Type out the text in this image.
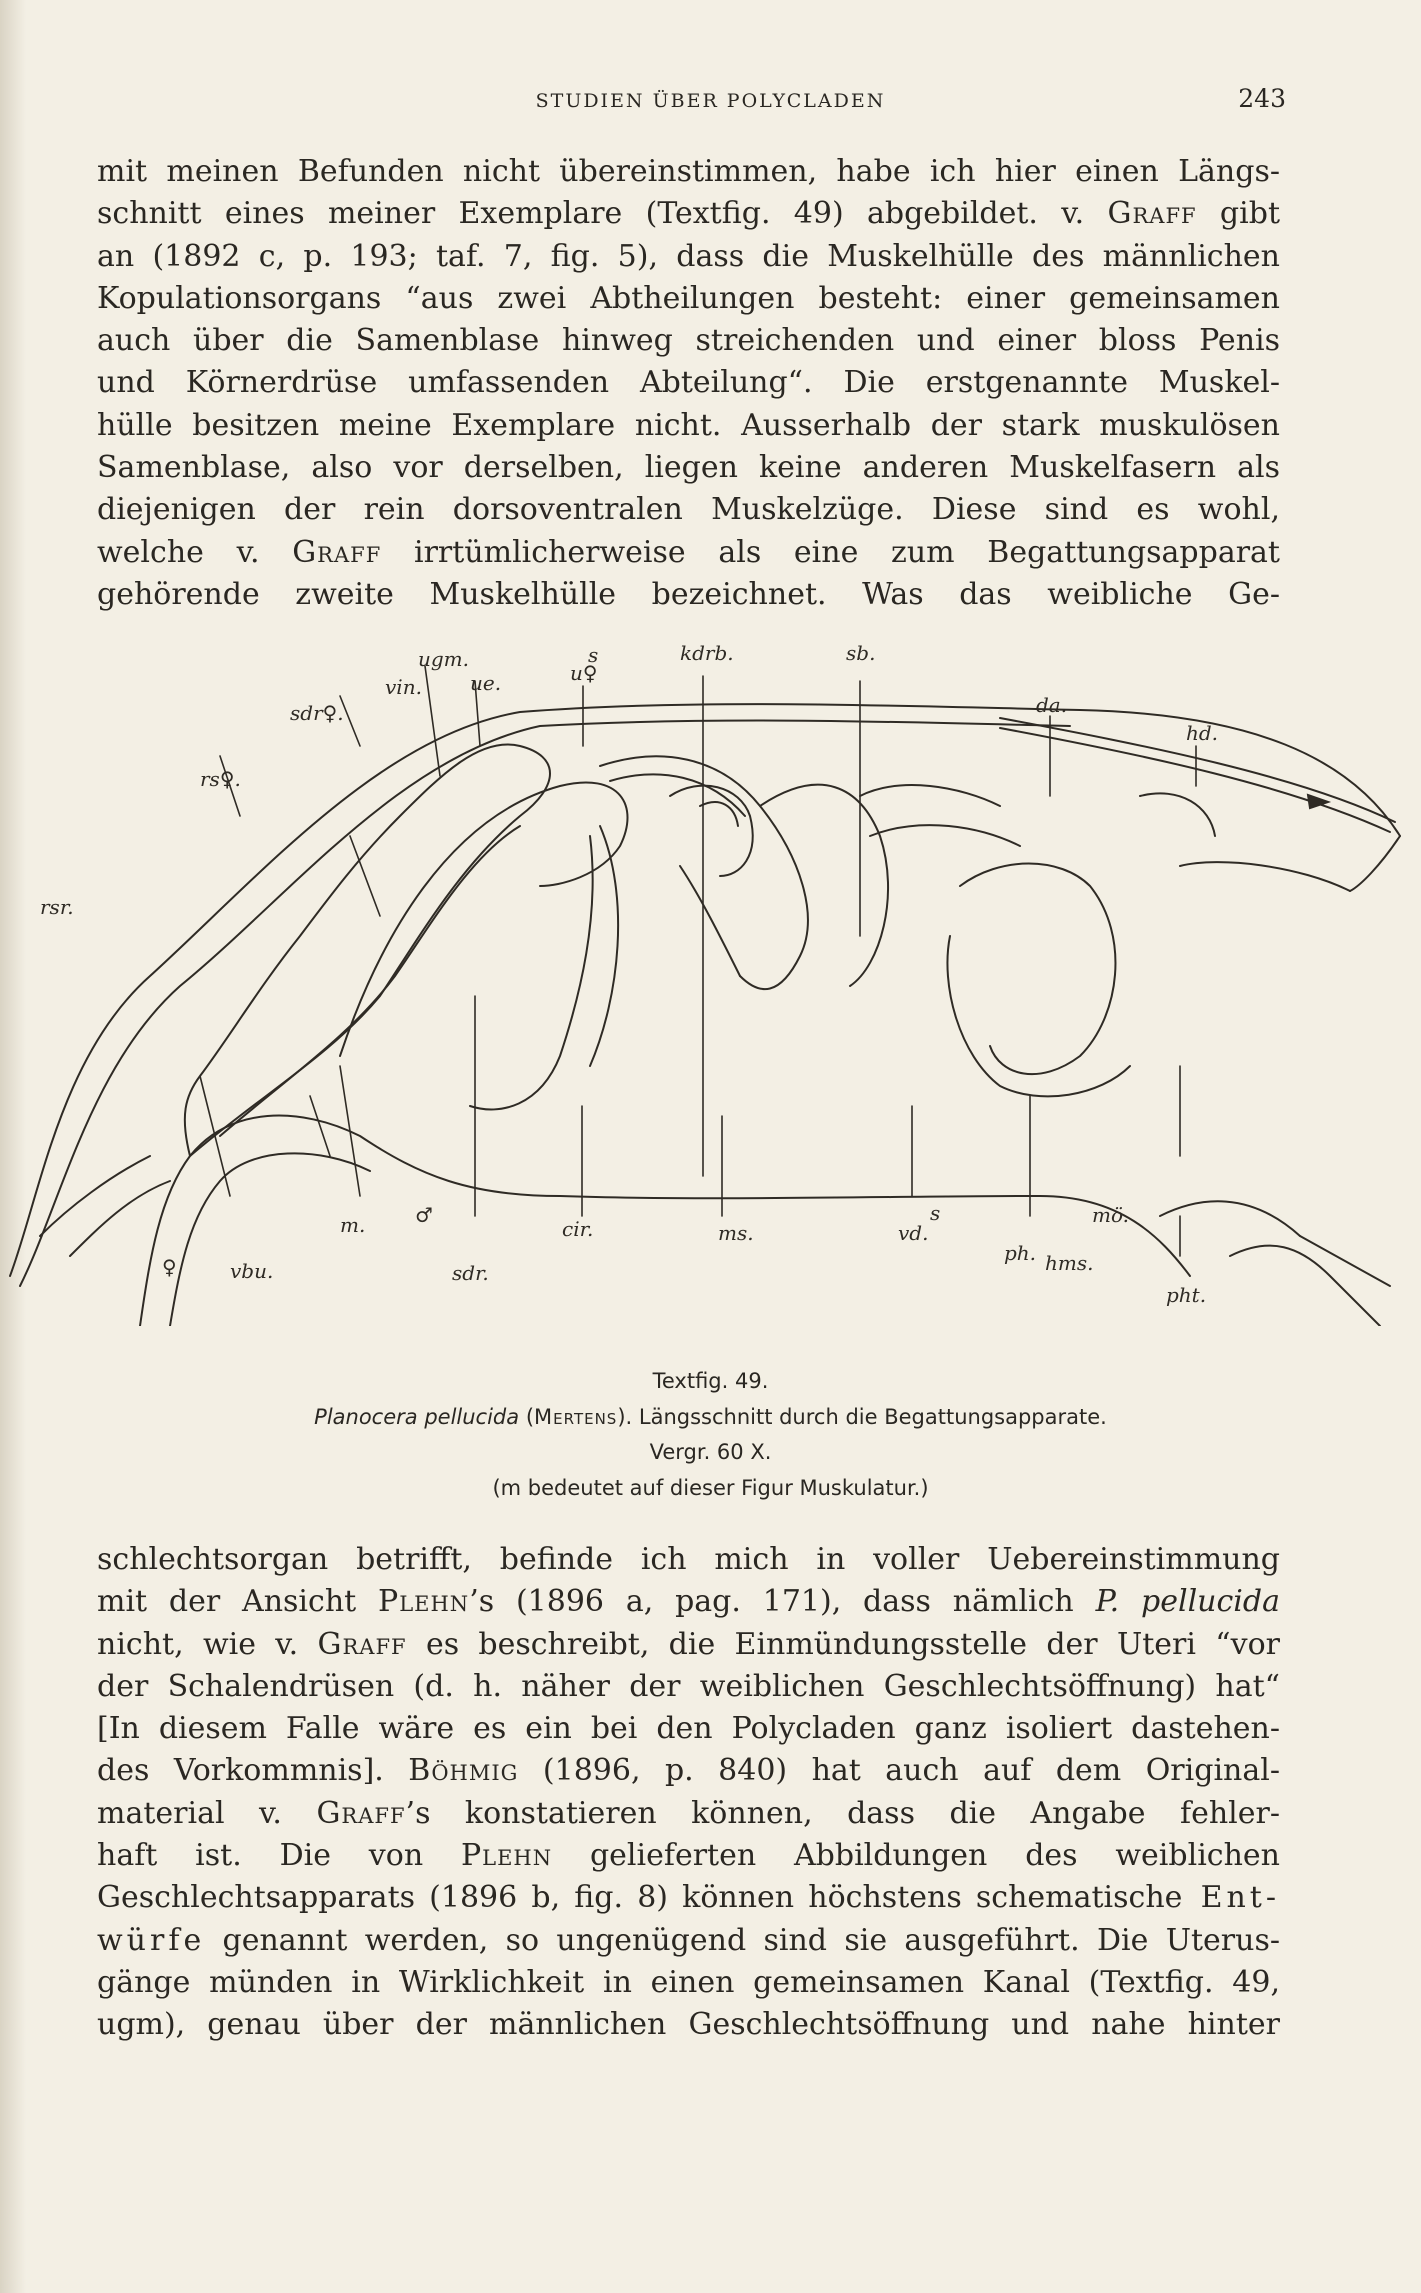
STUDIEN ÜBER POLYCLADEN	243
mit meinen Befunden nicht übereinstimmen, habe ich hier einen Längs-
schnitt eines meiner Exemplare (Textfig. 49) abgebildet. v. Graff gibt
an (1892 c, p. 193; taf. 7, fig. 5), dass die Muskelhülle des männlichen
Kopulationsorgans “aus zwei Abtheilungen besteht: einer gemeinsamen
auch über die Samenblase hinweg streichenden und einer bloss Penis
und Körnerdrüse umfassenden Abteilung“. Die erstgenannte Muskel-
hülle besitzen meine Exemplare nicht. Ausserhalb der stark muskulösen
Samenblase, also vor derselben, liegen keine anderen Muskelfasern als
diejenigen der rein dorsoventralen Muskelzüge. Diese sind es wohl,
welche v. Graff irrtümlicherweise als eine zum Begattungsapparat
gehörende zweite Muskelhülle bezeichnet. Was das weibliche Ge-
ugm.
vin. ue.	u♀
s	kdrb.	sb.
sdr♀.	da.
hd.
rs♀.
rsr.
♀	vbu.
m. ♂
sdr.
cir.	ms.	vd.
s
ph. hms.
mö.
pht.
Textfig. 49.
Planocera pellucida (Mertens). Längsschnitt durch die Begattungsapparate.
Vergr. 60 X.
(m bedeutet auf dieser Figur Muskulatur.)
schlechtsorgan betrifft, befinde ich mich in voller Uebereinstimmung
mit der Ansicht Plehn’s (1896 a, pag. 171), dass nämlich P. pellucida
nicht, wie v. Graff es beschreibt, die Einmündungsstelle der Uteri “vor
der Schalendrüsen (d. h. näher der weiblichen Geschlechtsöffnung) hat“
[In diesem Falle wäre es ein bei den Polycladen ganz isoliert dastehen-
des Vorkommnis]. Böhmig (1896, p. 840) hat auch auf dem Original-
material v. Graff’s konstatieren können, dass die Angabe fehler-
haft ist. Die von Plehn gelieferten Abbildungen des weiblichen
Geschlechtsapparats (1896 b, fig. 8) können höchstens schematische Ent-
würfe genannt werden, so ungenügend sind sie ausgeführt. Die Uterus-
gänge münden in Wirklichkeit in einen gemeinsamen Kanal (Textfig. 49,
ugm), genau über der männlichen Geschlechtsöffnung und nahe hinter
